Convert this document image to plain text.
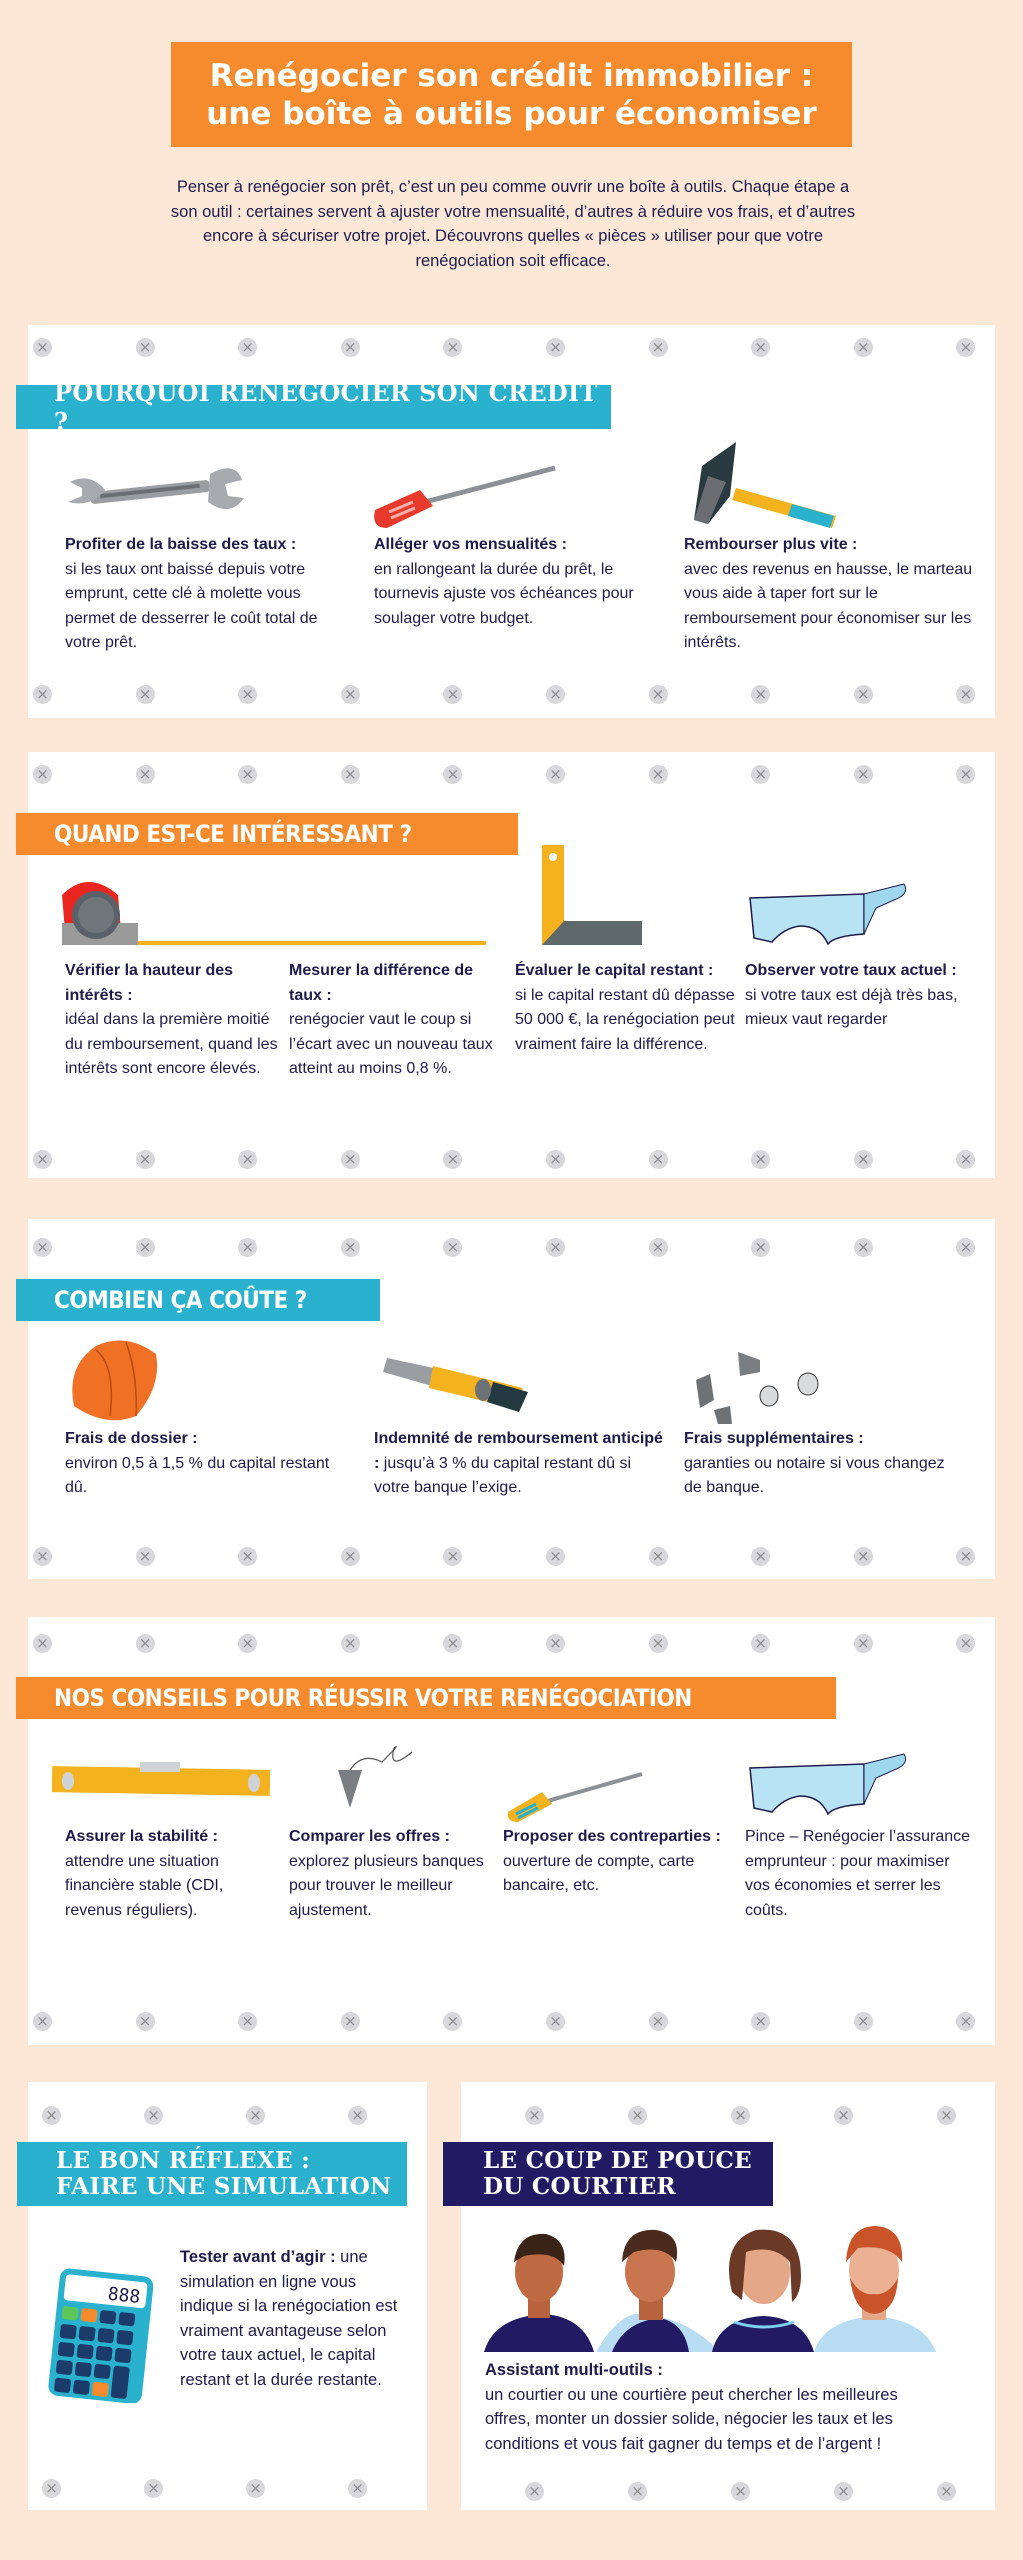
Renégocier son crédit immobilier :
une boîte à outils pour économiser

Penser à renégocier son prêt, c’est un peu comme ouvrir une boîte à outils. Chaque étape a son outil : certaines servent à ajuster votre mensualité, d’autres à réduire vos frais, et d’autres encore à sécuriser votre projet. Découvrons quelles « pièces » utiliser pour que votre renégociation soit efficace.

×	×	×	×	×	×	×	×	×	×
×	×	×	×	×	×	×	×	×	×
POURQUOI RENÉGOCIER SON CRÉDIT ?
Profiter de la baisse des taux :
si les taux ont baissé depuis votre emprunt, cette clé à molette vous permet de desserrer le coût total de votre prêt.
Alléger vos mensualités :
en rallongeant la durée du prêt, le tournevis ajuste vos échéances pour soulager votre budget.
Rembourser plus vite :
avec des revenus en hausse, le marteau vous aide à taper fort sur le remboursement pour économiser sur les intérêts.
×	×	×	×	×	×	×	×	×	×
×	×	×	×	×	×	×	×	×	×
QUAND EST-CE INTÉRESSANT ?
Vérifier la hauteur des intérêts :
idéal dans la première moitié du remboursement, quand les intérêts sont encore élevés.
Mesurer la différence de taux :
renégocier vaut le coup si l’écart avec un nouveau taux atteint au moins 0,8 %.
Évaluer le capital restant :
si le capital restant dû dépasse 50 000 €, la renégociation peut vraiment faire la différence.
Observer votre taux actuel :
si votre taux est déjà très bas, mieux vaut regarder
×	×	×	×	×	×	×	×	×	×
×	×	×	×	×	×	×	×	×	×
COMBIEN ÇA COÛTE ?
Frais de dossier :
environ 0,5 à 1,5 % du capital restant dû.
Indemnité de remboursement anticipé : jusqu’à 3 % du capital restant dû si votre banque l’exige.
Frais supplémentaires :
garanties ou notaire si vous changez de banque.
×	×	×	×	×	×	×	×	×	×
×	×	×	×	×	×	×	×	×	×
NOS CONSEILS POUR RÉUSSIR VOTRE RENÉGOCIATION
Assurer la stabilité :
attendre une situation financière stable (CDI, revenus réguliers).
Comparer les offres :
explorez plusieurs banques pour trouver le meilleur ajustement.
Proposer des contreparties :
ouverture de compte, carte bancaire, etc.
Pince – Renégocier l’assurance emprunteur : pour maximiser vos économies et serrer les coûts.
×	×	×	×
×	×	×	×
LE BON RÉFLEXE :
FAIRE UNE SIMULATION
888
Tester avant d’agir : une simulation en ligne vous indique si la renégociation est vraiment avantageuse selon votre taux actuel, le capital restant et la durée restante.
×	×	×	×	×
×	×	×	×	×
LE COUP DE POUCE
DU COURTIER
Assistant multi-outils :
un courtier ou une courtière peut chercher les meilleures offres, monter un dossier solide, négocier les taux et les conditions et vous fait gagner du temps et de l’argent !
